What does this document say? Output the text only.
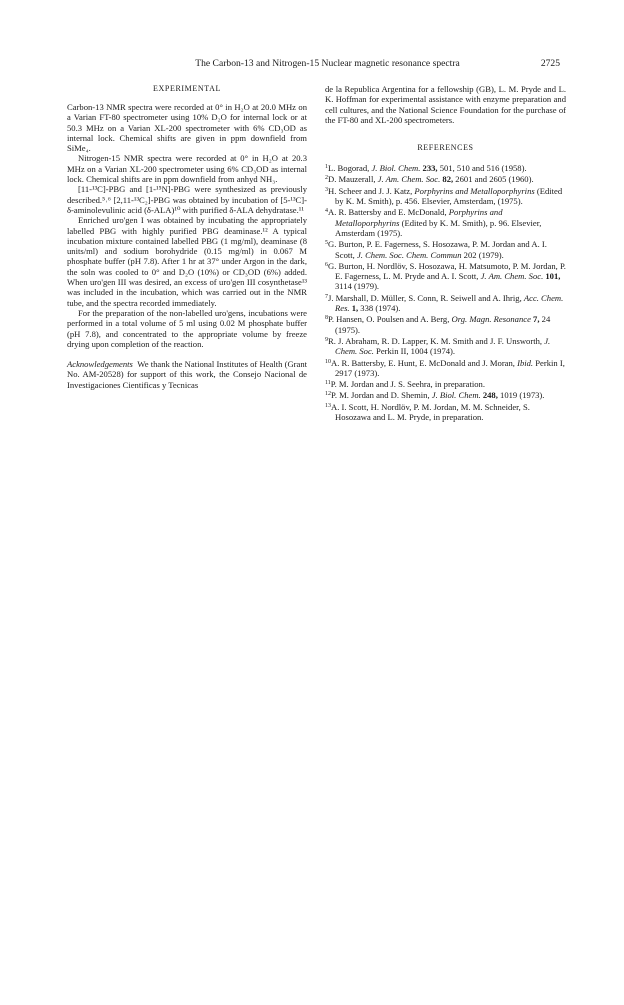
The Carbon-13 and Nitrogen-15 Nuclear magnetic resonance spectra	2725
EXPERIMENTAL

Carbon-13 NMR spectra were recorded at 0° in H₂O at 20.0 MHz on a Varian FT-80 spectrometer using 10% D₂O for internal lock or at 50.3 MHz on a Varian XL-200 spectrometer with 6% CD₃OD as internal lock. Chemical shifts are given in ppm downfield from SiMe₄.

Nitrogen-15 NMR spectra were recorded at 0° in H₂O at 20.3 MHz on a Varian XL-200 spectrometer using 6% CD₃OD as internal lock. Chemical shifts are in ppm downfield from anhyd NH₃.

[11-¹³C]-PBG and [1-¹⁵N]-PBG were synthesized as previously described.⁵˒⁶ [2,11-¹³C₂]-PBG was obtained by incubation of [5-¹³C]-δ-aminolevulinic acid (δ-ALA)¹⁰ with purified δ-ALA dehydratase.¹¹

Enriched uro'gen I was obtained by incubating the appropriately labelled PBG with highly purified PBG deaminase.¹² A typical incubation mixture contained labelled PBG (1 mg/ml), deaminase (8 units/ml) and sodium borohydride (0.15 mg/ml) in 0.067 M phosphate buffer (pH 7.8). After 1 hr at 37° under Argon in the dark, the soln was cooled to 0° and D₂O (10%) or CD₃OD (6%) added. When uro'gen III was desired, an excess of uro'gen III cosynthetase¹³ was included in the incubation, which was carried out in the NMR tube, and the spectra recorded immediately.

For the preparation of the non-labelled uro'gens, incubations were performed in a total volume of 5 ml using 0.02 M phosphate buffer (pH 7.8), and concentrated to the appropriate volume by freeze drying upon completion of the reaction.

Acknowledgements We thank the National Institutes of Health (Grant No. AM-20528) for support of this work, the Consejo Nacional de Investigaciones Cientificas y Tecnicas

de la Republica Argentina for a fellowship (GB), L. M. Pryde and L. K. Hoffman for experimental assistance with enzyme preparation and cell cultures, and the National Science Foundation for the purchase of the FT-80 and XL-200 spectrometers.

REFERENCES
$^1$L. Bogorad, J. Biol. Chem. 233, 501, 510 and 516 (1958).
$^2$D. Mauzerall, J. Am. Chem. Soc. 82, 2601 and 2605 (1960).
$^3$H. Scheer and J. J. Katz, Porphyrins and Metalloporphyrins (Edited by K. M. Smith), p. 456. Elsevier, Amsterdam, (1975).
$^4$A. R. Battersby and E. McDonald, Porphyrins and Metalloporphyrins (Edited by K. M. Smith), p. 96. Elsevier, Amsterdam (1975).
$^5$G. Burton, P. E. Fagerness, S. Hosozawa, P. M. Jordan and A. I. Scott, J. Chem. Soc. Chem. Commun 202 (1979).
$^6$G. Burton, H. Nordlöv, S. Hosozawa, H. Matsumoto, P. M. Jordan, P. E. Fagerness, L. M. Pryde and A. I. Scott, J. Am. Chem. Soc. 101, 3114 (1979).
$^7$J. Marshall, D. Müller, S. Conn, R. Seiwell and A. Ihrig, Acc. Chem. Res. 1, 338 (1974).
$^8$P. Hansen, O. Poulsen and A. Berg, Org. Magn. Resonance 7, 24 (1975).
$^9$R. J. Abraham, R. D. Lapper, K. M. Smith and J. F. Unsworth, J. Chem. Soc. Perkin II, 1004 (1974).
$^{10}$A. R. Battersby, E. Hunt, E. McDonald and J. Moran, Ibid. Perkin I, 2917 (1973).
$^{11}$P. M. Jordan and J. S. Seehra, in preparation.
$^{12}$P. M. Jordan and D. Shemin, J. Biol. Chem. 248, 1019 (1973).
$^{13}$A. I. Scott, H. Nordlöv, P. M. Jordan, M. M. Schneider, S. Hosozawa and L. M. Pryde, in preparation.
